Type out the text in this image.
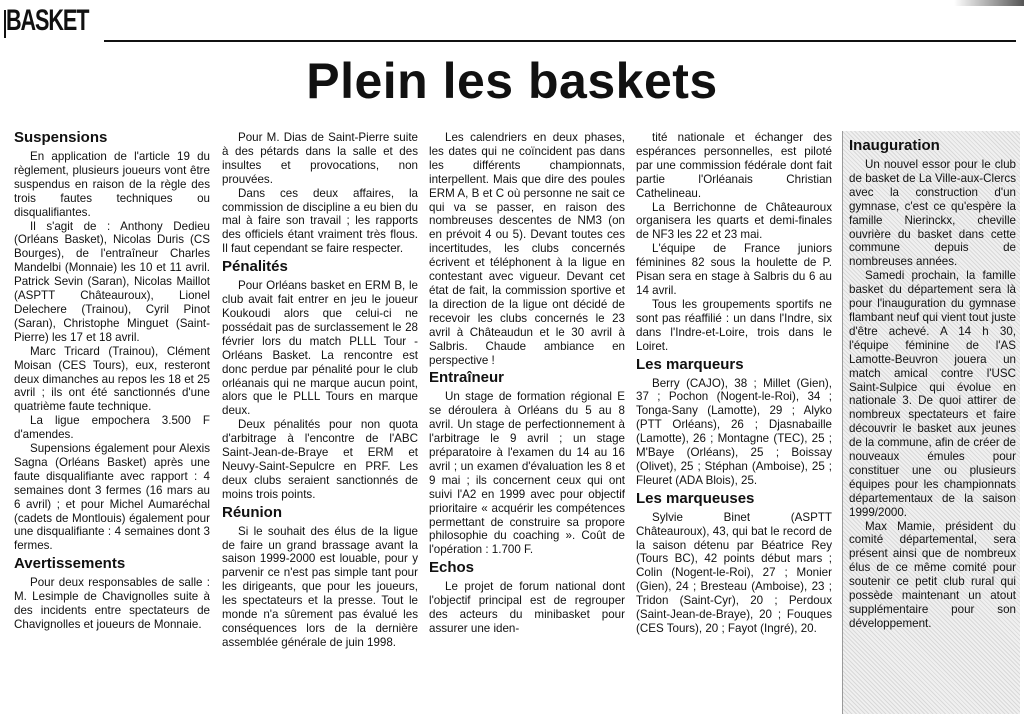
BASKET
Plein les baskets
Suspensions

En application de l'article 19 du règlement, plusieurs joueurs vont être suspendus en raison de la règle des trois fautes techniques ou disqualifiantes.

Il s'agit de : Anthony Dedieu (Orléans Basket), Nicolas Duris (CS Bourges), de l'entraîneur Charles Mandelbi (Monnaie) les 10 et 11 avril. Patrick Sevin (Saran), Nicolas Maillot (ASPTT Châteauroux), Lionel Delechere (Trainou), Cyril Pinot (Saran), Christophe Minguet (Saint-Pierre) les 17 et 18 avril.

Marc Tricard (Trainou), Clément Moisan (CES Tours), eux, resteront deux dimanches au repos les 18 et 25 avril ; ils ont été sanctionnés d'une quatrième faute technique.

La ligue empochera 3.500 F d'amendes.

Supensions également pour Alexis Sagna (Orléans Basket) après une faute disqualifiante avec rapport : 4 semaines dont 3 fermes (16 mars au 6 avril) ; et pour Michel Aumaréchal (cadets de Montlouis) également pour une disqualifiante : 4 semaines dont 3 fermes.

Avertissements

Pour deux responsables de salle : M. Lesimple de Chavignolles suite à des incidents entre spectateurs de Chavignolles et joueurs de Monnaie.

Pour M. Dias de Saint-Pierre suite à des pétards dans la salle et des insultes et provocations, non prouvées.

Dans ces deux affaires, la commission de discipline a eu bien du mal à faire son travail ; les rapports des officiels étant vraiment très flous. Il faut cependant se faire respecter.

Pénalités

Pour Orléans basket en ERM B, le club avait fait entrer en jeu le joueur Koukoudi alors que celui-ci ne possédait pas de surclassement le 28 février lors du match PLLL Tour - Orléans Basket. La rencontre est donc perdue par pénalité pour le club orléanais qui ne marque aucun point, alors que le PLLL Tours en marque deux.

Deux pénalités pour non quota d'arbitrage à l'encontre de l'ABC Saint-Jean-de-Braye et ERM et Neuvy-Saint-Sepulcre en PRF. Les deux clubs seraient sanctionnés de moins trois points.

Réunion

Si le souhait des élus de la ligue de faire un grand brassage avant la saison 1999-2000 est louable, pour y parvenir ce n'est pas simple tant pour les dirigeants, que pour les joueurs, les spectateurs et la presse. Tout le monde n'a sûrement pas évalué les conséquences lors de la dernière assemblée générale de juin 1998.

Les calendriers en deux phases, les dates qui ne coïncident pas dans les différents championnats, interpellent. Mais que dire des poules ERM A, B et C où personne ne sait ce qui va se passer, en raison des nombreuses descentes de NM3 (on en prévoit 4 ou 5). Devant toutes ces incertitudes, les clubs concernés écrivent et téléphonent à la ligue en contestant avec vigueur. Devant cet état de fait, la commission sportive et la direction de la ligue ont décidé de recevoir les clubs concernés le 23 avril à Châteaudun et le 30 avril à Salbris. Chaude ambiance en perspective !

Entraîneur

Un stage de formation régional E se déroulera à Orléans du 5 au 8 avril. Un stage de perfectionnement à l'arbitrage le 9 avril ; un stage préparatoire à l'examen du 14 au 16 avril ; un examen d'évaluation les 8 et 9 mai ; ils concernent ceux qui ont suivi l'A2 en 1999 avec pour objectif prioritaire « acquérir les compétences permettant de construire sa propore philosophie du coaching ». Coût de l'opération : 1.700 F.

Echos

Le projet de forum national dont l'objectif principal est de regrouper des acteurs du minibasket pour assurer une iden-

tité nationale et échanger des espérances personnelles, est piloté par une commission fédérale dont fait partie l'Orléanais Christian Cathelineau.

La Berrichonne de Châteauroux organisera les quarts et demi-finales de NF3 les 22 et 23 mai.

L'équipe de France juniors féminines 82 sous la houlette de P. Pisan sera en stage à Salbris du 6 au 14 avril.

Tous les groupements sportifs ne sont pas réaffilié : un dans l'Indre, six dans l'Indre-et-Loire, trois dans le Loiret.

Les marqueurs

Berry (CAJO), 38 ; Millet (Gien), 37 ; Pochon (Nogent-le-Roi), 34 ; Tonga-Sany (Lamotte), 29 ; Alyko (PTT Orléans), 26 ; Djasnabaille (Lamotte), 26 ; Montagne (TEC), 25 ; M'Baye (Orléans), 25 ; Boissay (Olivet), 25 ; Stéphan (Amboise), 25 ; Fleuret (ADA Blois), 25.

Les marqueuses

Sylvie Binet (ASPTT Châteauroux), 43, qui bat le record de la saison détenu par Béatrice Rey (Tours BC), 42 points début mars ; Colin (Nogent-le-Roi), 27 ; Monier (Gien), 24 ; Bresteau (Amboise), 23 ; Tridon (Saint-Cyr), 20 ; Perdoux (Saint-Jean-de-Braye), 20 ; Fouques (CES Tours), 20 ; Fayot (Ingré), 20.

Inauguration

Un nouvel essor pour le club de basket de La Ville-aux-Clercs avec la construction d'un gymnase, c'est ce qu'espère la famille Nierinckx, cheville ouvrière du basket dans cette commune depuis de nombreuses années.

Samedi prochain, la famille basket du département sera là pour l'inauguration du gymnase flambant neuf qui vient tout juste d'être achevé. A 14 h 30, l'équipe féminine de l'AS Lamotte-Beuvron jouera un match amical contre l'USC Saint-Sulpice qui évolue en nationale 3. De quoi attirer de nombreux spectateurs et faire découvrir le basket aux jeunes de la commune, afin de créer de nouveaux émules pour constituer une ou plusieurs équipes pour les championnats départementaux de la saison 1999/2000.

Max Mamie, président du comité départemental, sera présent ainsi que de nombreux élus de ce même comité pour soutenir ce petit club rural qui possède maintenant un atout supplémentaire pour son développement.
